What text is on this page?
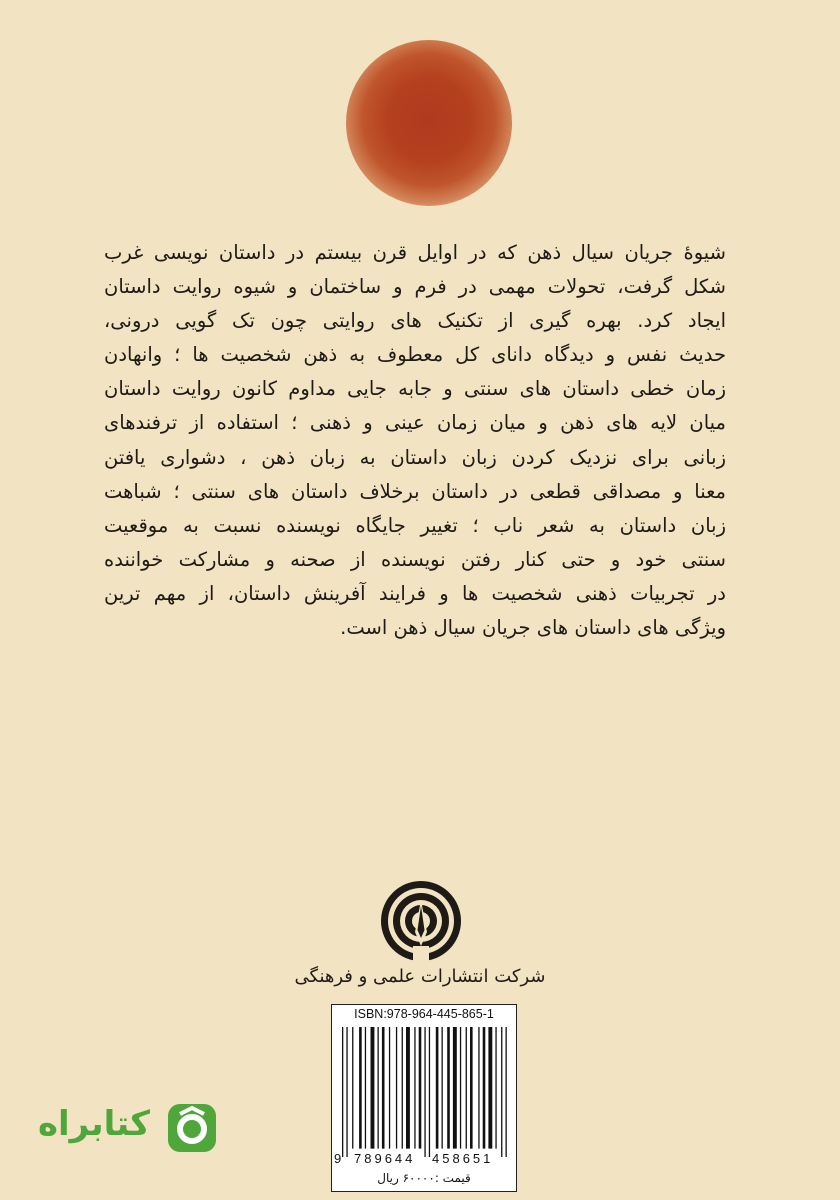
شیوهٔ جریان سیال ذهن که در اوایل قرن بیستم در داستان نویسی غرب
شکل گرفت، تحولات مهمی در فرم و ساختمان و شیوه روایت داستان
ایجاد کرد. بهره گیری از تکنیک های روایتی چون تک گویی درونی،
حدیث نفس و دیدگاه دانای کل معطوف به ذهن شخصیت ها ؛ وانهادن
زمان خطی داستان های سنتی و جابه جایی مداوم کانون روایت داستان
میان لایه های ذهن و میان زمان عینی و ذهنی ؛ استفاده از ترفندهای
زبانی برای نزدیک کردن زبان داستان به زبان ذهن ، دشواری یافتن
معنا و مصداقی قطعی در داستان برخلاف داستان های سنتی ؛ شباهت
زبان داستان به شعر ناب ؛ تغییر جایگاه نویسنده نسبت به موقعیت
سنتی خود و حتی کنار رفتن نویسنده از صحنه و مشارکت خواننده
در تجربیات ذهنی شخصیت ها و فرایند آفرینش داستان، از مهم ترین
ویژگی های داستان های جریان سیال ذهن است.
شرکت انتشارات علمی و فرهنگی
ISBN:978-964-445-865-1
9 789644 458651
قیمت :۶۰۰۰۰ ریال
کتابراه
